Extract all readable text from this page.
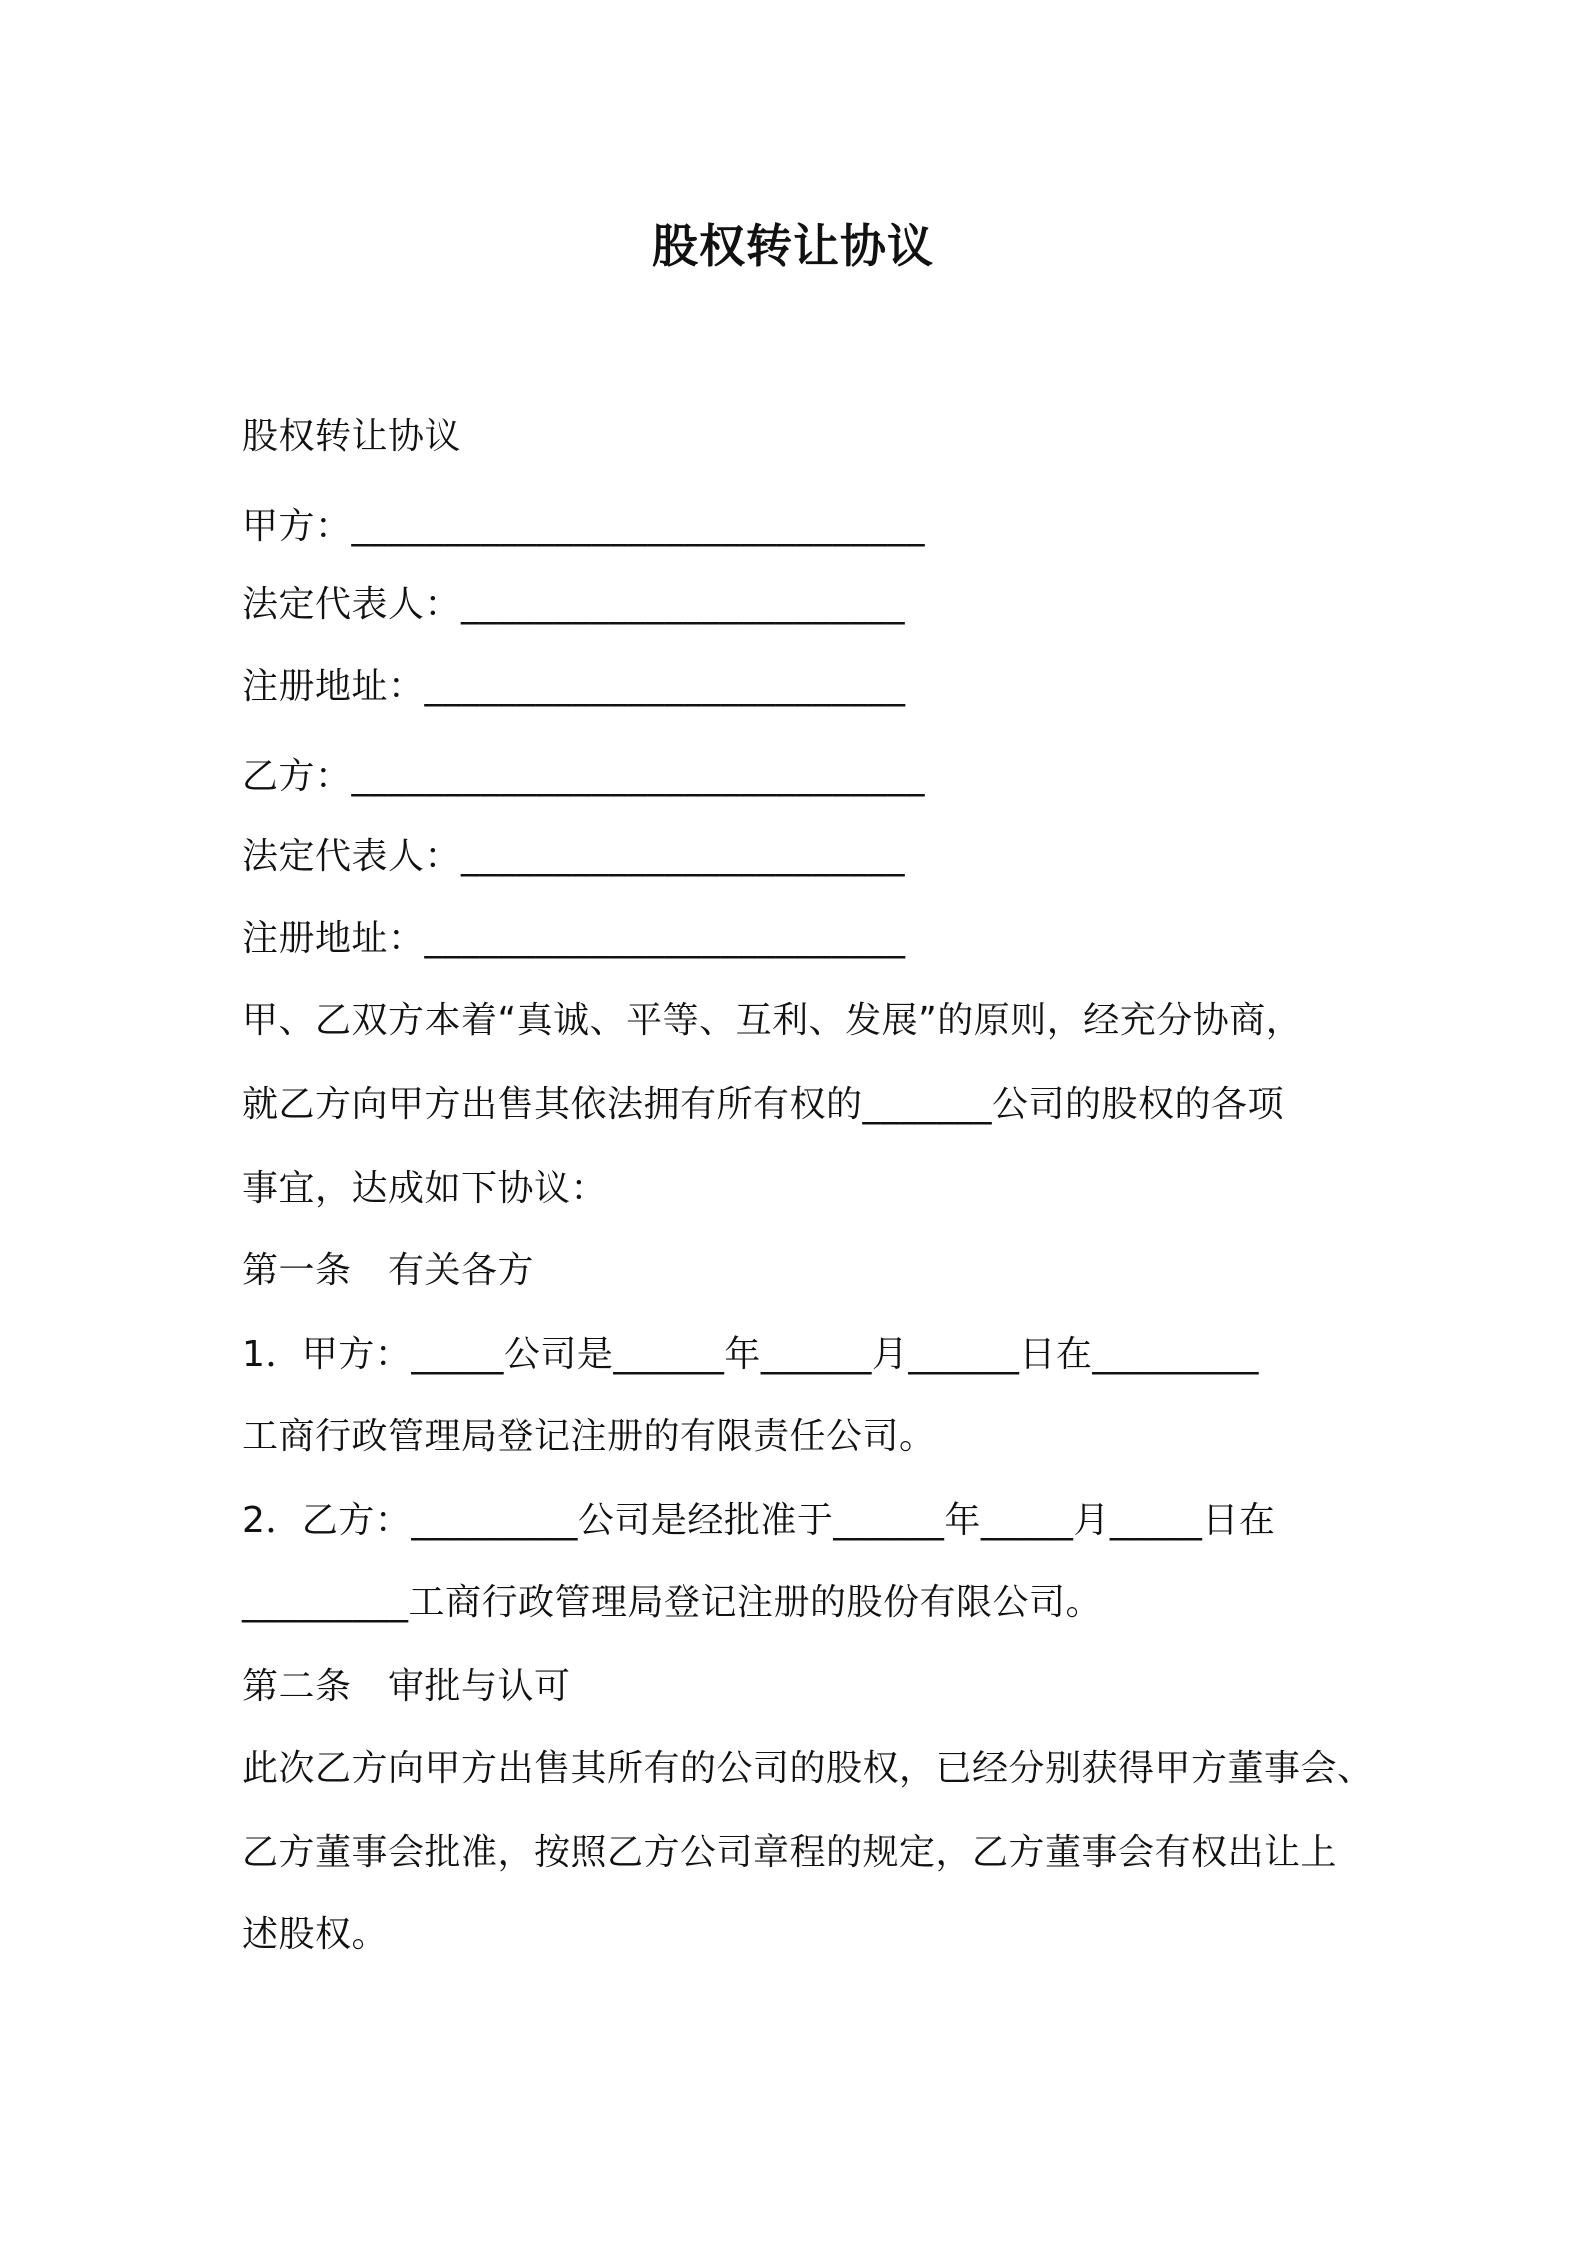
股权转让协议
股权转让协议
甲方：_______________________________
法定代表人：________________________
注册地址：__________________________
乙方：_______________________________
法定代表人：________________________
注册地址：__________________________
甲、乙双方本着“真诚、平等、互利、发展”的原则，经充分协商，
就乙方向甲方出售其依法拥有所有权的_______公司的股权的各项
事宜，达成如下协议：
第一条　有关各方
1．甲方：_____公司是______年______月______日在_________
工商行政管理局登记注册的有限责任公司。
2．乙方：_________公司是经批准于______年_____月_____日在
_________工商行政管理局登记注册的股份有限公司。
第二条　审批与认可
此次乙方向甲方出售其所有的公司的股权，已经分别获得甲方董事会、
乙方董事会批准，按照乙方公司章程的规定，乙方董事会有权出让上
述股权。
